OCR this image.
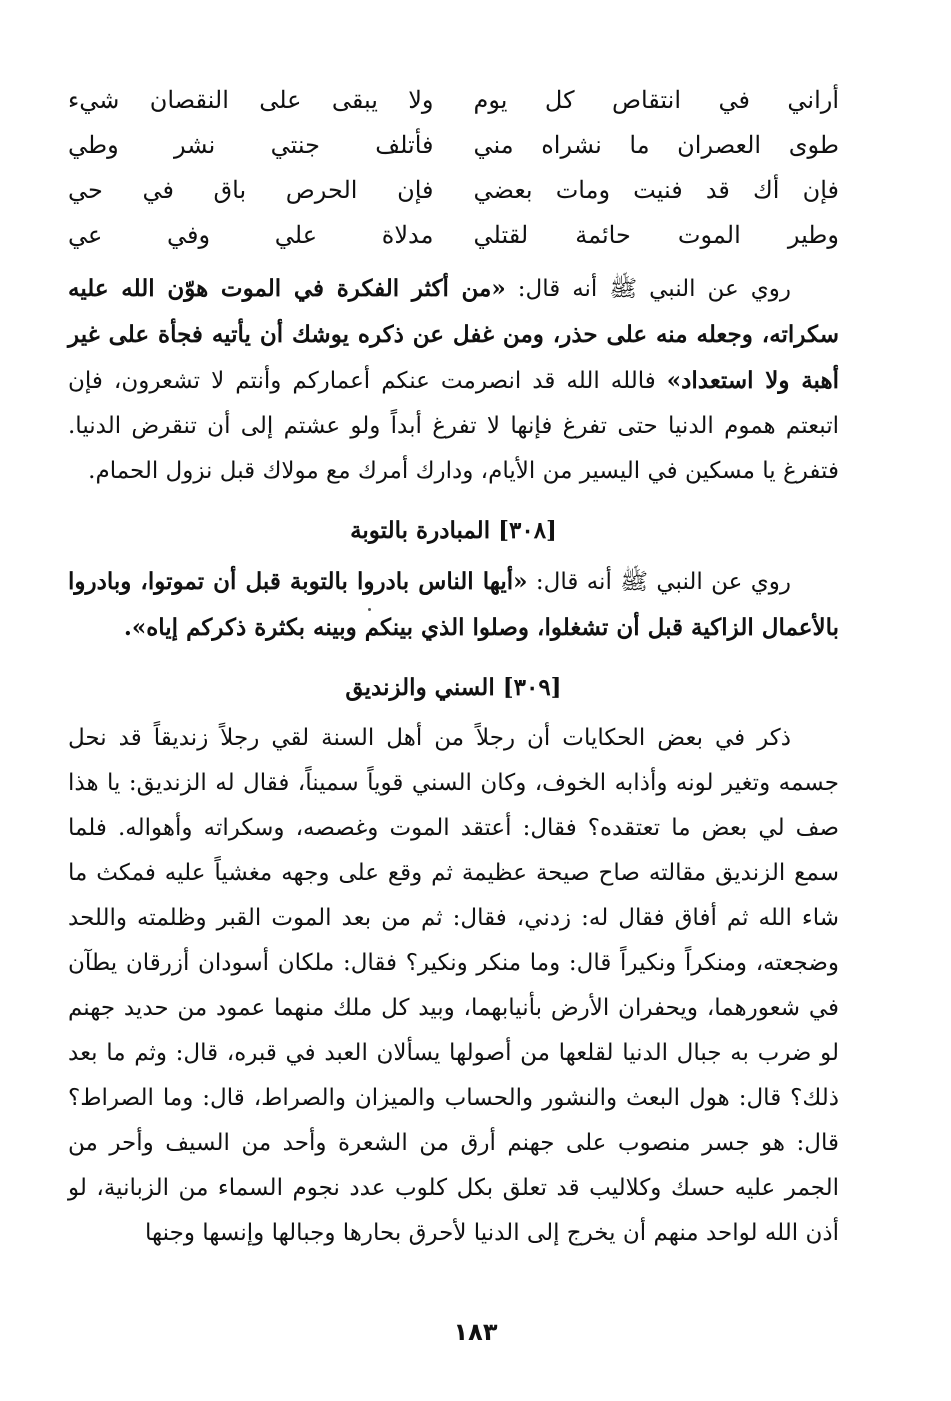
أراني في انتقاص كل يوم
ولا يبقى على النقصان شيء
طوى العصران ما نشراه مني
فأتلف جنتي نشر وطي
فإن أك قد فنيت ومات بعضي
فإن الحرص باق في حي
وطير الموت حائمة لقتلي
مدلاة علي وفي عي

روي عن النبي ﷺ أنه قال: «من أكثر الفكرة في الموت هوّن الله عليه سكراته، وجعله منه على حذر، ومن غفل عن ذكره يوشك أن يأتيه فجأة على غير أهبة ولا استعداد» فالله الله قد انصرمت عنكم أعماركم وأنتم لا تشعرون، فإن اتبعتم هموم الدنيا حتى تفرغ فإنها لا تفرغ أبداً ولو عشتم إلى أن تنقرض الدنيا. فتفرغ يا مسكين في اليسير من الأيام، ودارك أمرك مع مولاك قبل نزول الحمام.

[٣٠٨] المبادرة بالتوبة

روي عن النبي ﷺ أنه قال: «أيها الناس بادروا بالتوبة قبل أن تموتوا، وبادروا بالأعمال الزاكية قبل أن تشغلوا، وصلوا الذي بينكم وبينه بكثرة ذكركم إياه».

[٣٠٩] السني والزنديق

ذكر في بعض الحكايات أن رجلاً من أهل السنة لقي رجلاً زنديقاً قد نحل جسمه وتغير لونه وأذابه الخوف، وكان السني قوياً سميناً، فقال له الزنديق: يا هذا صف لي بعض ما تعتقده؟ فقال: أعتقد الموت وغصصه، وسكراته وأهواله. فلما سمع الزنديق مقالته صاح صيحة عظيمة ثم وقع على وجهه مغشياً عليه فمكث ما شاء الله ثم أفاق فقال له: زدني، فقال: ثم من بعد الموت القبر وظلمته واللحد وضجعته، ومنكراً ونكيراً قال: وما منكر ونكير؟ فقال: ملكان أسودان أزرقان يطآن في شعورهما، ويحفران الأرض بأنيابهما، وبيد كل ملك منهما عمود من حديد جهنم لو ضرب به جبال الدنيا لقلعها من أصولها يسألان العبد في قبره، قال: وثم ما بعد ذلك؟ قال: هول البعث والنشور والحساب والميزان والصراط، قال: وما الصراط؟ قال: هو جسر منصوب على جهنم أرق من الشعرة وأحد من السيف وأحر من الجمر عليه حسك وكلاليب قد تعلق بكل كلوب عدد نجوم السماء من الزبانية، لو أذن الله لواحد منهم أن يخرج إلى الدنيا لأحرق بحارها وجبالها وإنسها وجنها

١٨٣
